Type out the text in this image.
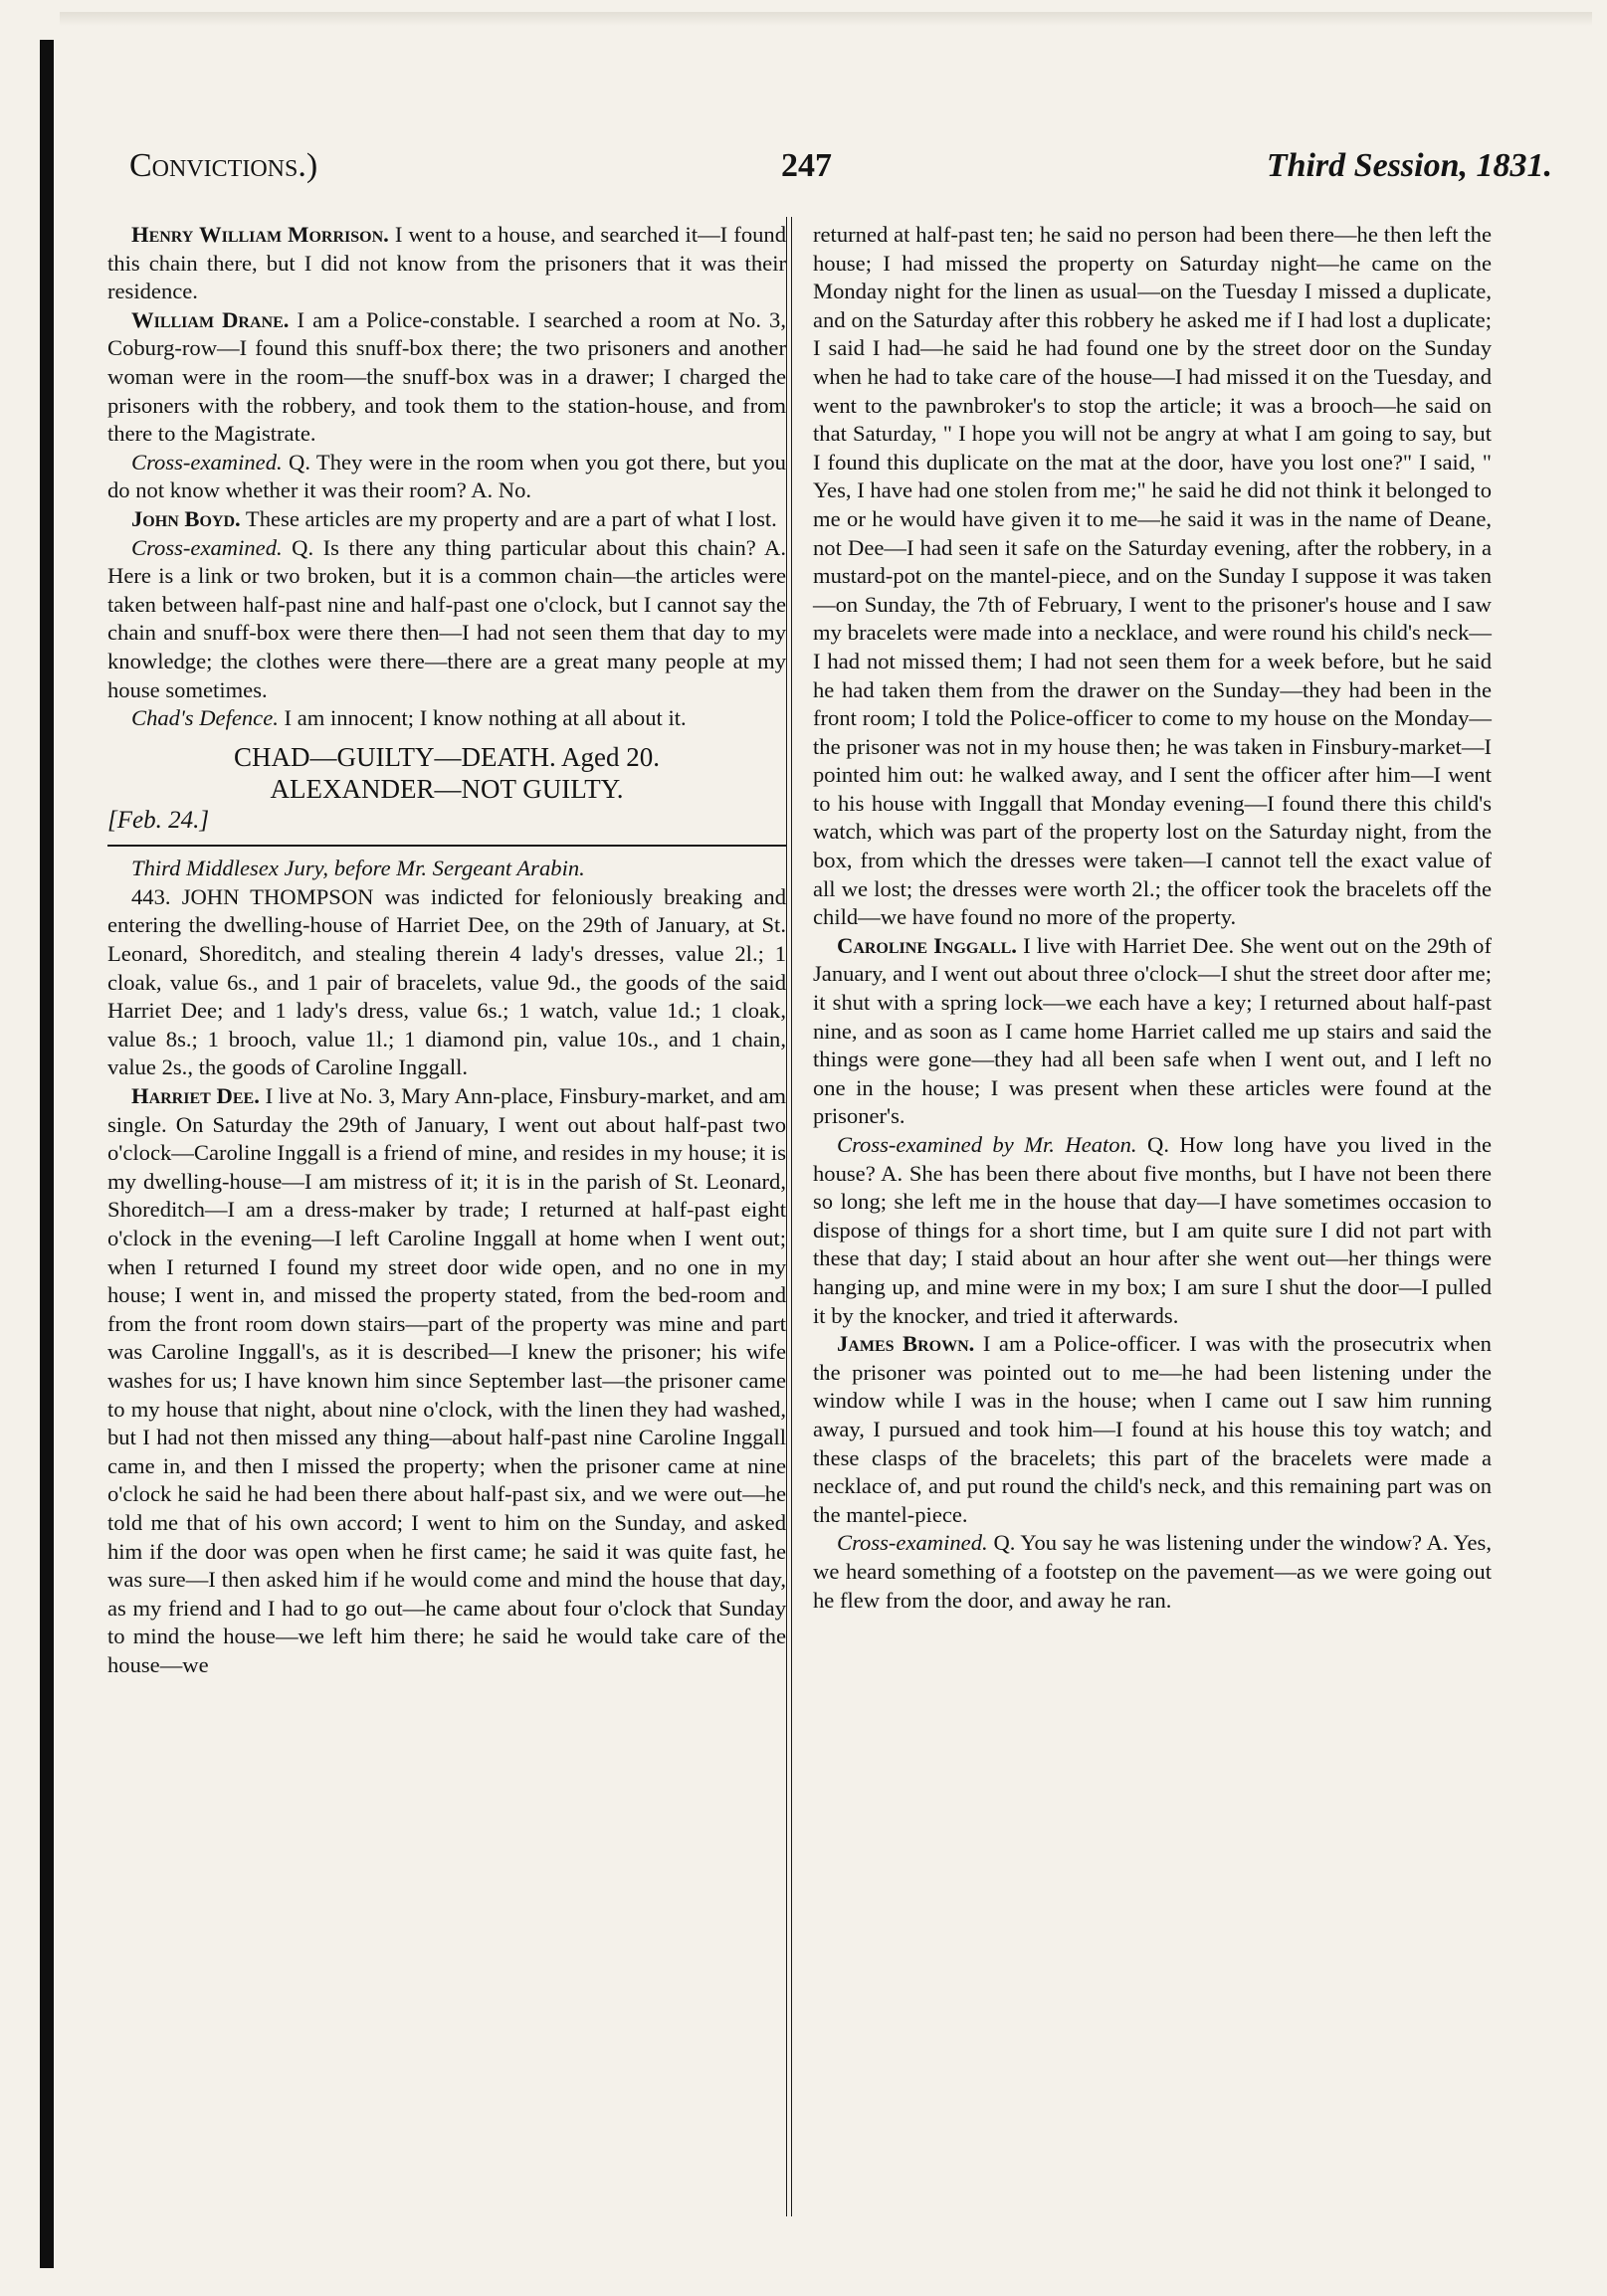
Convictions.)	247	Third Session, 1831.

Henry William Morrison. I went to a house, and searched it—I found this chain there, but I did not know from the prisoners that it was their residence.

William Drane. I am a Police-constable. I searched a room at No. 3, Coburg-row—I found this snuff-box there; the two prisoners and another woman were in the room—the snuff-box was in a drawer; I charged the prisoners with the robbery, and took them to the station-house, and from there to the Magistrate.

Cross-examined. Q. They were in the room when you got there, but you do not know whether it was their room? A. No.

John Boyd. These articles are my property and are a part of what I lost.

Cross-examined. Q. Is there any thing particular about this chain? A. Here is a link or two broken, but it is a common chain—the articles were taken between half-past nine and half-past one o'clock, but I cannot say the chain and snuff-box were there then—I had not seen them that day to my knowledge; the clothes were there—there are a great many people at my house sometimes.

Chad's Defence. I am innocent; I know nothing at all about it.

CHAD—GUILTY—DEATH. Aged 20.

ALEXANDER—NOT GUILTY.

[Feb. 24.]

Third Middlesex Jury, before Mr. Sergeant Arabin.

443. JOHN THOMPSON was indicted for feloniously breaking and entering the dwelling-house of Harriet Dee, on the 29th of January, at St. Leonard, Shoreditch, and stealing therein 4 lady's dresses, value 2l.; 1 cloak, value 6s., and 1 pair of bracelets, value 9d., the goods of the said Harriet Dee; and 1 lady's dress, value 6s.; 1 watch, value 1d.; 1 cloak, value 8s.; 1 brooch, value 1l.; 1 diamond pin, value 10s., and 1 chain, value 2s., the goods of Caroline Inggall.

Harriet Dee. I live at No. 3, Mary Ann-place, Finsbury-market, and am single. On Saturday the 29th of January, I went out about half-past two o'clock—Caroline Inggall is a friend of mine, and resides in my house; it is my dwelling-house—I am mistress of it; it is in the parish of St. Leonard, Shoreditch—I am a dress-maker by trade; I returned at half-past eight o'clock in the evening—I left Caroline Inggall at home when I went out; when I returned I found my street door wide open, and no one in my house; I went in, and missed the property stated, from the bed-room and from the front room down stairs—part of the property was mine and part was Caroline Inggall's, as it is described—I knew the prisoner; his wife washes for us; I have known him since September last—the prisoner came to my house that night, about nine o'clock, with the linen they had washed, but I had not then missed any thing—about half-past nine Caroline Inggall came in, and then I missed the property; when the prisoner came at nine o'clock he said he had been there about half-past six, and we were out—he told me that of his own accord; I went to him on the Sunday, and asked him if the door was open when he first came; he said it was quite fast, he was sure—I then asked him if he would come and mind the house that day, as my friend and I had to go out—he came about four o'clock that Sunday to mind the house—we left him there; he said he would take care of the house—we

returned at half-past ten; he said no person had been there—he then left the house; I had missed the property on Saturday night—he came on the Monday night for the linen as usual—on the Tuesday I missed a duplicate, and on the Saturday after this robbery he asked me if I had lost a duplicate; I said I had—he said he had found one by the street door on the Sunday when he had to take care of the house—I had missed it on the Tuesday, and went to the pawnbroker's to stop the article; it was a brooch—he said on that Saturday, " I hope you will not be angry at what I am going to say, but I found this duplicate on the mat at the door, have you lost one?" I said, " Yes, I have had one stolen from me;" he said he did not think it belonged to me or he would have given it to me—he said it was in the name of Deane, not Dee—I had seen it safe on the Saturday evening, after the robbery, in a mustard-pot on the mantel-piece, and on the Sunday I suppose it was taken—on Sunday, the 7th of February, I went to the prisoner's house and I saw my bracelets were made into a necklace, and were round his child's neck—I had not missed them; I had not seen them for a week before, but he said he had taken them from the drawer on the Sunday—they had been in the front room; I told the Police-officer to come to my house on the Monday—the prisoner was not in my house then; he was taken in Finsbury-market—I pointed him out: he walked away, and I sent the officer after him—I went to his house with Inggall that Monday evening—I found there this child's watch, which was part of the property lost on the Saturday night, from the box, from which the dresses were taken—I cannot tell the exact value of all we lost; the dresses were worth 2l.; the officer took the bracelets off the child—we have found no more of the property.

Caroline Inggall. I live with Harriet Dee. She went out on the 29th of January, and I went out about three o'clock—I shut the street door after me; it shut with a spring lock—we each have a key; I returned about half-past nine, and as soon as I came home Harriet called me up stairs and said the things were gone—they had all been safe when I went out, and I left no one in the house; I was present when these articles were found at the prisoner's.

Cross-examined by Mr. Heaton. Q. How long have you lived in the house? A. She has been there about five months, but I have not been there so long; she left me in the house that day—I have sometimes occasion to dispose of things for a short time, but I am quite sure I did not part with these that day; I staid about an hour after she went out—her things were hanging up, and mine were in my box; I am sure I shut the door—I pulled it by the knocker, and tried it afterwards.

James Brown. I am a Police-officer. I was with the prosecutrix when the prisoner was pointed out to me—he had been listening under the window while I was in the house; when I came out I saw him running away, I pursued and took him—I found at his house this toy watch; and these clasps of the bracelets; this part of the bracelets were made a necklace of, and put round the child's neck, and this remaining part was on the mantel-piece.

Cross-examined. Q. You say he was listening under the window? A. Yes, we heard something of a footstep on the pavement—as we were going out he flew from the door, and away he ran.
